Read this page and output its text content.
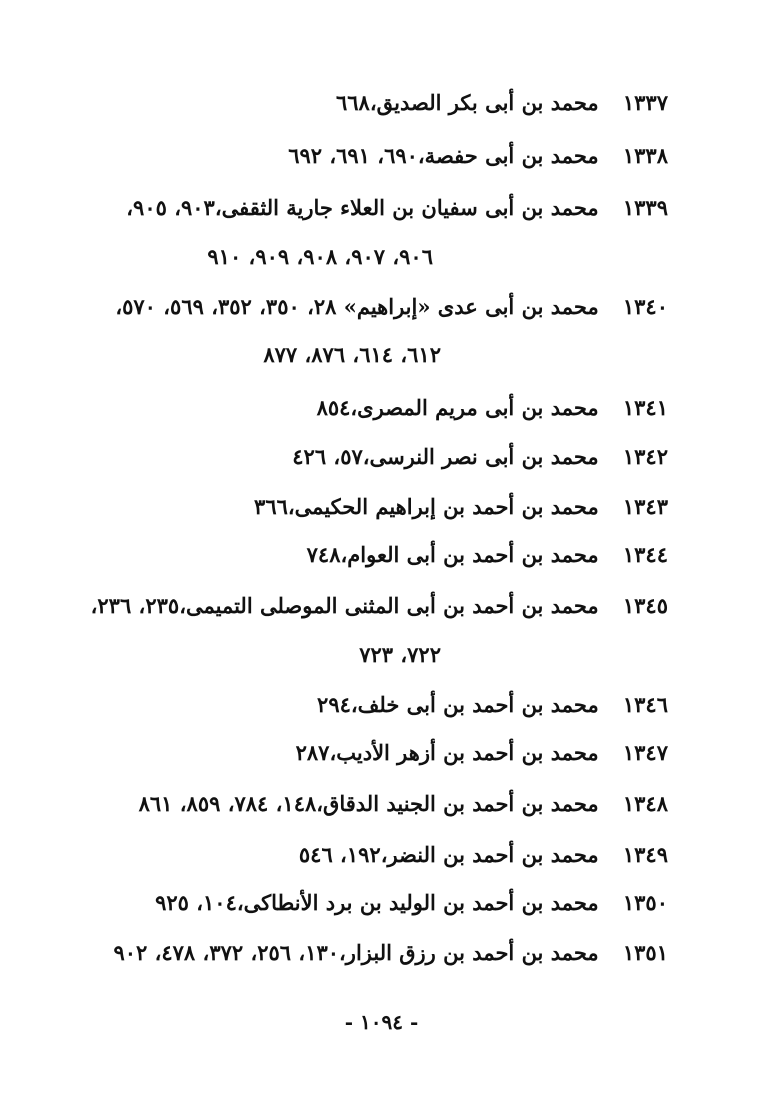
١٣٣٧ محمد بن أبى بكر الصديق،٦٦٨
١٣٣٨ محمد بن أبى حفصة،٦٩٠، ٦٩١، ٦٩٢
١٣٣٩ محمد بن أبى سفيان بن العلاء جارية الثقفى،٩٠٣، ٩٠٥،
٩٠٦، ٩٠٧، ٩٠٨، ٩٠٩، ٩١٠
١٣٤٠ محمد بن أبى عدى «إبراهيم» ٢٨، ٣٥٠، ٣٥٢، ٥٦٩، ٥٧٠،
٦١٢، ٦١٤، ٨٧٦، ٨٧٧
١٣٤١ محمد بن أبى مريم المصرى،٨٥٤
١٣٤٢ محمد بن أبى نصر النرسى،٥٧، ٤٢٦
١٣٤٣ محمد بن أحمد بن إبراهيم الحكيمى،٣٦٦
١٣٤٤ محمد بن أحمد بن أبى العوام،٧٤٨
١٣٤٥ محمد بن أحمد بن أبى المثنى الموصلى التميمى،٢٣٥، ٢٣٦،
٧٢٢، ٧٢٣
١٣٤٦ محمد بن أحمد بن أبى خلف،٢٩٤
١٣٤٧ محمد بن أحمد بن أزهر الأديب،٢٨٧
١٣٤٨ محمد بن أحمد بن الجنيد الدقاق،١٤٨، ٧٨٤، ٨٥٩، ٨٦١
١٣٤٩ محمد بن أحمد بن النضر،١٩٢، ٥٤٦
١٣٥٠ محمد بن أحمد بن الوليد بن برد الأنطاكى،١٠٤، ٩٢٥
١٣٥١ محمد بن أحمد بن رزق البزار،١٣٠، ٢٥٦، ٣٧٢، ٤٧٨، ٩٠٢
- ١٠٩٤ -
